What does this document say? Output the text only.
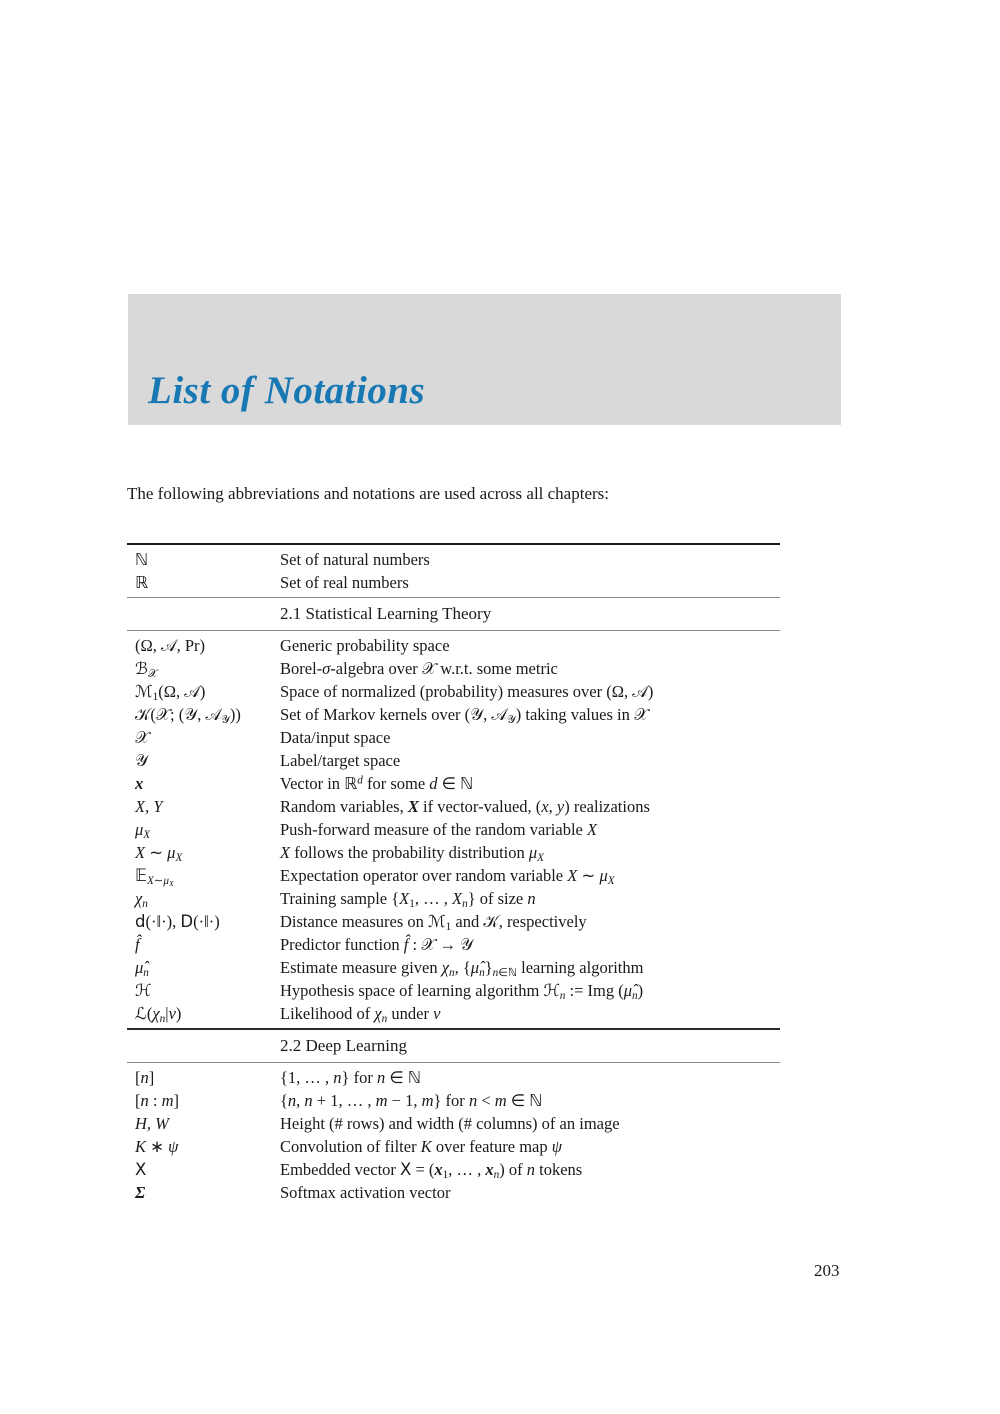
List of Notations
The following abbreviations and notations are used across all chapters:
ℕ	Set of natural numbers
ℝ	Set of real numbers
2.1 Statistical Learning Theory
(Ω, 𝒜, Pr)	Generic probability space
ℬ$_𝒳$	Borel-σ-algebra over 𝒳 w.r.t. some metric
ℳ$_1$(Ω, 𝒜)	Space of normalized (probability) measures over (Ω, 𝒜)
𝒦(𝒳; (𝒴, 𝒜$_𝒴$))	Set of Markov kernels over (𝒴, 𝒜$_𝒴$) taking values in 𝒳
𝒳	Data/input space
𝒴	Label/target space
x	Vector in ℝ$^d$ for some d ∈ ℕ
X, Y	Random variables, X if vector-valued, (x, y) realizations
$\mu_X$	Push-forward measure of the random variable X
X ∼ $\mu_X$	X follows the probability distribution $\mu_X$
𝔼$_{X\sim\mu_X}$	Expectation operator over random variable X ∼ $\mu_X$
$\chi_n$	Training sample {$X_1$, … , $X_n$} of size n
d(·‖·), D(·‖·)	Distance measures on ℳ$_1$ and 𝒦, respectively
f̂	Predictor function f̂ : 𝒳 → 𝒴
$\mû_n$	Estimate measure given $\chi_n$, $\{\mû_n\}_{n\in ℕ}$ learning algorithm
ℋ	Hypothesis space of learning algorithm ℋ$_n$ := Img $(\mû_n)$
$ℒ(\chi_n|\nu)$	Likelihood of $\chi_n$ under ν
2.2 Deep Learning
[n]	{1, … , n} for n ∈ ℕ
[n : m]	{n, n + 1, … , m − 1, m} for n < m ∈ ℕ
H, W	Height (# rows) and width (# columns) of an image
K ∗ ψ	Convolution of filter K over feature map ψ
X	Embedded vector $X = (x_1$, … , $x_n$) of n tokens
Σ	Softmax activation vector
203
